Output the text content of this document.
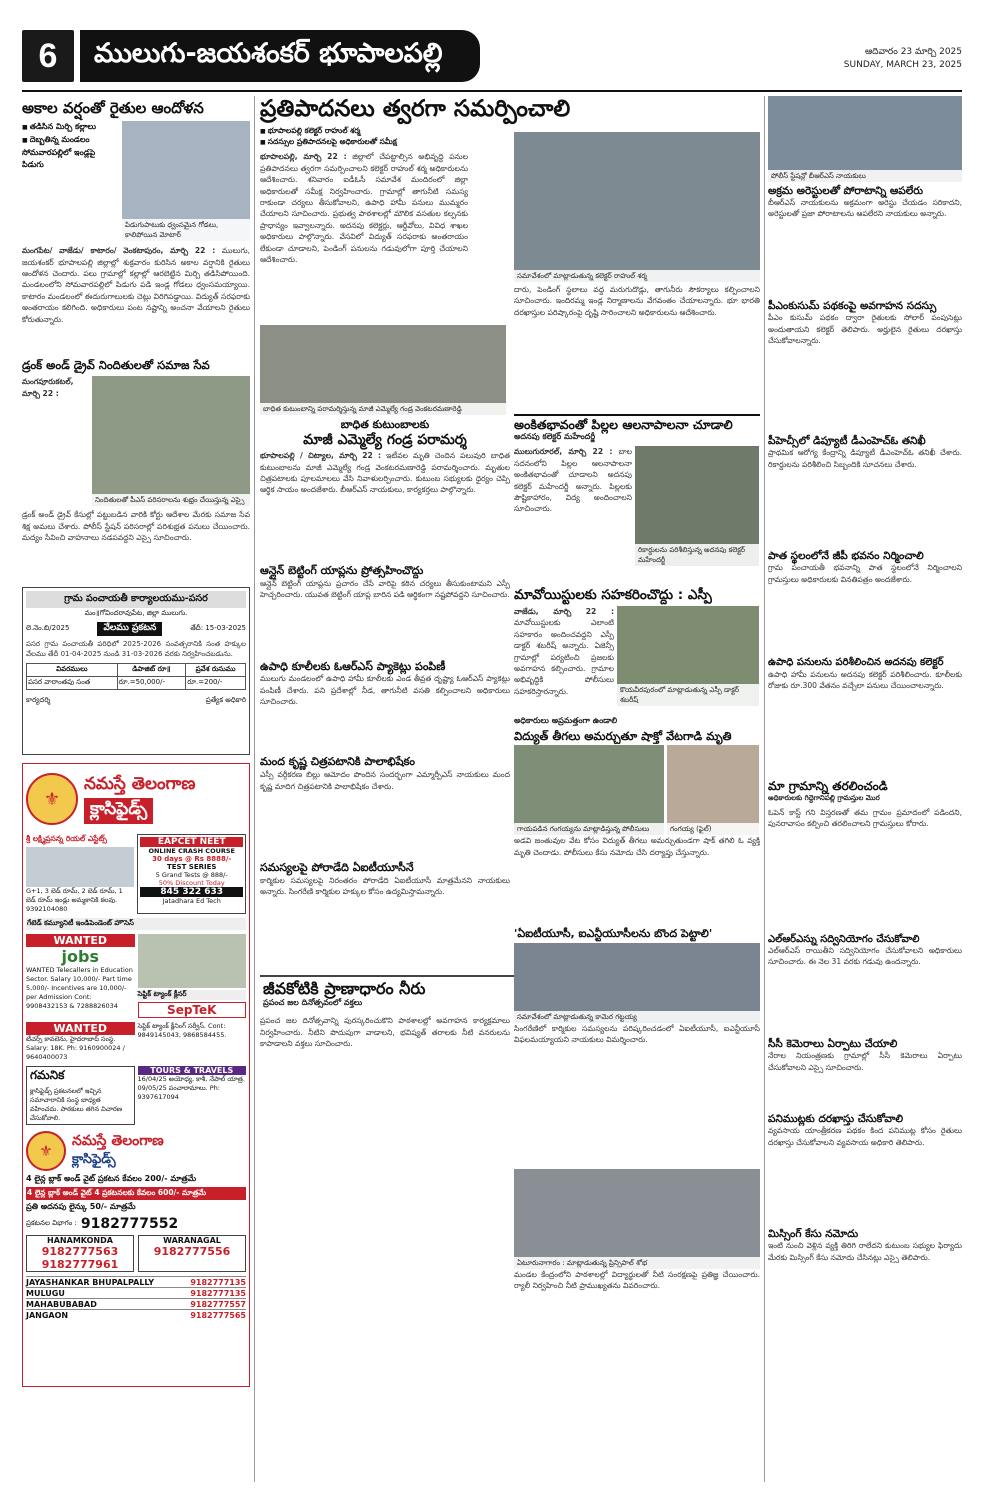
6	ములుగు-జయశంకర్ భూపాలపల్లి	ఆదివారం 23 మార్చి 2025
SUNDAY, MARCH 23, 2025
అకాల వర్షంతో రైతుల ఆందోళన
■ తడిసిన మిర్చి కల్లాలు
■ దెబ్బతిన్న మండలం
సోమవారపల్లిలో ఇండ్లపై
పిడుగు
పిడుగుపాటుకు ధ్వంసమైన గోడలు, కాలిపోయిన మోటార్
మంగపేట/ వాజేడు/ కాటారం/ వెంకటాపురం, మార్చి 22 : ములుగు, జయశంకర్ భూపాలపల్లి జిల్లాల్లో శుక్రవారం కురిసిన అకాల వర్షానికి రైతులు ఆందోళన చెందారు. పలు గ్రామాల్లో కల్లాల్లో ఆరబెట్టిన మిర్చి తడిసిపోయింది. మండలంలోని సోమవారపల్లిలో పిడుగు పడి ఇండ్ల గోడలు ధ్వంసమయ్యాయి. కాటారం మండలంలో ఈదురుగాలులకు చెట్లు విరిగిపడ్డాయి. విద్యుత్ సరఫరాకు అంతరాయం కలిగింది. అధికారులు పంట నష్టాన్ని అంచనా వేయాలని రైతులు కోరుతున్నారు.
డ్రంక్ అండ్ డ్రైవ్ నిందితులతో సమాజ సేవ
మంగపూరుకటల్, మార్చి 22 :
నిందితులతో పీఎస్ పరిసరాలను శుభ్రం చేయిస్తున్న ఎస్సై
డ్రంక్ అండ్ డ్రైవ్ కేసుల్లో పట్టుబడిన వారికి కోర్టు ఆదేశాల మేరకు సమాజ సేవ శిక్ష అమలు చేశారు. పోలీస్ స్టేషన్ పరిసరాల్లో పరిశుభ్రత పనులు చేయించారు. మద్యం సేవించి వాహనాలు నడపవద్దని ఎస్సై సూచించారు.
గ్రామ పంచాయతీ కార్యాలయము-పసర
మం॥గోవిందరావుపేట, జిల్లా ములుగు.
లె.నెం.బి/2025	వేలము ప్రకటన	తేదీ: 15-03-2025
పసర గ్రామ పంచాయతీ పరిధిలో 2025-2026 సంవత్సరానికి సంత హక్కుల వేలము తేదీ 01-04-2025 నుండి 31-03-2026 వరకు నిర్వహించబడును.
వివరములు	డిపాజిట్ రూ॥	ప్రవేశ రుసుము
పసర వారాంతపు సంత	రూ.=50,000/-	రూ.=200/-
కార్యదర్శి	ప్రత్యేక అధికారి
⚜
నమస్తే తెలంగాణ
క్లాసిఫైడ్స్
శ్రీ లక్ష్మిప్రసన్న రియల్ ఎస్టేట్స్
G+1, 3 బెడ్ రూమ్, 2 బెడ్ రూమ్, 1 బెడ్ రూమ్ ఇండ్లు అమ్మకానికి కలవు. 9392104080
EAPCET NEET
ONLINE CRASH COURSE
30 days @ Rs 8888/-
TEST SERIES
5 Grand Tests @ 888/-
50% Discount Today
845 322 633
Jatadhara Ed Tech
గేటెడ్ కమ్యూనిటీ ఇండిపెండెంట్ హౌసెస్
WANTED
jobs
WANTED Telecallers in Education Sector. Salary 10,000/- Part time 5,000/- Incentives are 10,000/- per Admission Cont: 9908432153 & 7288826034
సెప్టిక్ ట్యాంక్ క్లీనర్
SepTeK
WANTED
టీచర్స్ కావలెను, హైదరాబాద్ సంస్థ. Salary: 18K. Ph: 9160900024 / 9640400073
సెప్టిక్ ట్యాంక్ క్లీనింగ్ సర్వీస్. Cont: 9849145043, 9868584455.
గమనిక
క్లాసిఫైడ్స్ ప్రకటనలలో ఇచ్చిన సమాచారానికి సంస్థ బాధ్యత వహించదు. పాఠకులు తగిన విచారణ చేసుకోవాలి.
TOURS & TRAVELS
16/04/25 అయోధ్య, కాశీ, నేపాల్ యాత్ర. 09/05/25 పంచారామాలు. Ph: 9397617094
⚜
నమస్తే తెలంగాణ
క్లాసిఫైడ్స్
4 లైన్ల బ్లాక్ అండ్ వైట్ ప్రకటన కేవలం 200/- మాత్రమే
4 లైన్ల బ్లాక్ అండ్ వైట్ 4 ప్రకటనలకు కేవలం 600/- మాత్రమే
ప్రతి అదనపు లైన్కు 50/- మాత్రమే
ప్రకటనల విభాగం : 9182777552
HANAMKONDA
9182777563
9182777961
WARANAGAL
9182777556
JAYASHANKAR BHUPALPALLY	9182777135
MULUGU	9182777135
MAHABUBABAD	9182777557
JANGAON	9182777565
ప్రతిపాదనలు త్వరగా సమర్పించాలి
■ భూపాలపల్లి కలెక్టర్ రాహుల్ శర్మ
■ సదస్సుల ప్రతిపాదనలపై అధికారులతో సమీక్ష
భూపాలపల్లి, మార్చి 22 : జిల్లాలో చేపట్టాల్సిన అభివృద్ధి పనుల ప్రతిపాదనలు త్వరగా సమర్పించాలని కలెక్టర్ రాహుల్ శర్మ అధికారులను ఆదేశించారు. శనివారం ఐడీఓసీ సమావేశ మందిరంలో జిల్లా అధికారులతో సమీక్ష నిర్వహించారు. గ్రామాల్లో తాగునీటి సమస్య రాకుండా చర్యలు తీసుకోవాలని, ఉపాధి హామీ పనులు ముమ్మరం చేయాలని సూచించారు. ప్రభుత్వ పాఠశాలల్లో మౌలిక వసతుల కల్పనకు ప్రాధాన్యం ఇవ్వాలన్నారు. అదనపు కలెక్టర్లు, ఆర్డీవోలు, వివిధ శాఖల అధికారులు పాల్గొన్నారు. వేసవిలో విద్యుత్ సరఫరాకు అంతరాయం లేకుండా చూడాలని, పెండింగ్ పనులను గడువులోగా పూర్తి చేయాలని ఆదేశించారు.
బాధిత కుటుంబాన్ని పరామర్శిస్తున్న మాజీ ఎమ్మెల్యే గండ్ర వెంకటరమణారెడ్డి
బాధిత కుటుంబాలకు
మాజీ ఎమ్మెల్యే గండ్ర పరామర్శ
భూపాలపల్లి / చిట్యాల, మార్చి 22 : ఇటీవల మృతి చెందిన పలువురి బాధిత కుటుంబాలను మాజీ ఎమ్మెల్యే గండ్ర వెంకటరమణారెడ్డి పరామర్శించారు. మృతుల చిత్రపటాలకు పూలమాలలు వేసి నివాళులర్పించారు. కుటుంబ సభ్యులకు ధైర్యం చెప్పి ఆర్థిక సాయం అందజేశారు. బీఆర్ఎస్ నాయకులు, కార్యకర్తలు పాల్గొన్నారు.
ఆన్లైన్ బెట్టింగ్ యాప్లను ప్రోత్సహించొద్దు
ఆన్లైన్ బెట్టింగ్ యాప్లను ప్రచారం చేసే వారిపై కఠిన చర్యలు తీసుకుంటామని ఎస్పీ హెచ్చరించారు. యువత బెట్టింగ్ యాప్ల బారిన పడి ఆర్థికంగా నష్టపోవద్దని సూచించారు.
ఉపాధి కూలీలకు ఓఆర్ఎస్ ప్యాకెట్లు పంపిణీ
ములుగు మండలంలో ఉపాధి హామీ కూలీలకు ఎండ తీవ్రత దృష్ట్యా ఓఆర్ఎస్ ప్యాకెట్లు పంపిణీ చేశారు. పని ప్రదేశాల్లో నీడ, తాగునీటి వసతి కల్పించాలని అధికారులు సూచించారు.
మంద కృష్ణ చిత్రపటానికి పాలాభిషేకం
ఎస్సీ వర్గీకరణ బిల్లు ఆమోదం పొందిన సందర్భంగా ఎమ్మార్పీఎస్ నాయకులు మంద కృష్ణ మాదిగ చిత్రపటానికి పాలాభిషేకం చేశారు.
సమస్యలపై పోరాడేది ఏఐటీయూసీనే
కార్మికుల సమస్యలపై నిరంతరం పోరాడేది ఏఐటీయూసీ మాత్రమేనని నాయకులు అన్నారు. సింగరేణి కార్మికుల హక్కుల కోసం ఉద్యమిస్తామన్నారు.
జీవకోటికి ప్రాణాధారం నీరు
ప్రపంచ జల దినోత్సవంలో వక్తలు
ప్రపంచ జల దినోత్సవాన్ని పురస్కరించుకొని పాఠశాలల్లో అవగాహన కార్యక్రమాలు నిర్వహించారు. నీటిని పొదుపుగా వాడాలని, భవిష్యత్ తరాలకు నీటి వనరులను కాపాడాలని వక్తలు సూచించారు.
సమావేశంలో మాట్లాడుతున్న కలెక్టర్ రాహుల్ శర్మ
దారు, పెండింగ్ స్థలాలు వద్ద మరుగుదొడ్లు, తాగునీరు సౌకర్యాలు కల్పించాలని సూచించారు. ఇందిరమ్మ ఇండ్ల నిర్మాణాలను వేగవంతం చేయాలన్నారు. భూ భారతి దరఖాస్తుల పరిష్కారంపై దృష్టి సారించాలని అధికారులను ఆదేశించారు.
అంకితభావంతో పిల్లల ఆలనాపాలనా చూడాలి
అదనపు కలెక్టర్ మహేందర్జీ
ములుగురూరల్, మార్చి 22 : బాల సదనంలోని పిల్లల ఆలనాపాలనా అంకితభావంతో చూడాలని అదనపు కలెక్టర్ మహేందర్జీ అన్నారు. పిల్లలకు పౌష్టికాహారం, విద్య అందించాలని సూచించారు.
రికార్డులను పరిశీలిస్తున్న అదనపు కలెక్టర్ మహేందర్జీ
మావోయిస్టులకు సహకరించొద్దు : ఎస్పీ
వాజేడు, మార్చి 22 : మావోయిస్టులకు ఎలాంటి సహకారం అందించవద్దని ఎస్పీ డాక్టర్ శబరీష్ అన్నారు. ఏజెన్సీ గ్రామాల్లో పర్యటించి ప్రజలకు అవగాహన కల్పించారు. గ్రామాల అభివృద్ధికి పోలీసులు సహకరిస్తారన్నారు.	కొయవీరపురంలో మాట్లాడుతున్న ఎస్పీ డాక్టర్ శబరీష్
అధికారులు అప్రమత్తంగా ఉండాలి
విద్యుత్ తీగలు అమర్చుతూ షాక్తో వేటగాడి మృతి
గాయపడిన గంగయ్యను మాట్లాడిస్తున్న పోలీసులు	గంగయ్య (ఫైల్)
అడవి జంతువుల వేట కోసం విద్యుత్ తీగలు అమర్చుతుండగా షాక్ తగిలి ఓ వ్యక్తి మృతి చెందాడు. పోలీసులు కేసు నమోదు చేసి దర్యాప్తు చేస్తున్నారు.
'ఏఐటీయూసీ, ఐఎన్టీయూసీలను బొంద పెట్టాలి'
సమావేశంలో మాట్లాడుతున్న కామెర గట్టయ్య
సింగరేణిలో కార్మికుల సమస్యలను పరిష్కరించడంలో ఏఐటీయూసీ, ఐఎన్టీయూసీ విఫలమయ్యాయని నాయకులు విమర్శించారు.
ఏటూరునాగారం : మాట్లాడుతున్న ప్రిన్సిపాల్ శోభ
మండల కేంద్రంలోని పాఠశాలల్లో విద్యార్థులతో నీటి సంరక్షణపై ప్రతిజ్ఞ చేయించారు. ర్యాలీ నిర్వహించి నీటి ప్రాముఖ్యతను వివరించారు.
పోలీస్ స్టేషన్లో బీఆర్ఎస్ నాయకులు
అక్రమ అరెస్టులతో పోరాటాన్ని ఆపలేరు
బీఆర్ఎస్ నాయకులను అక్రమంగా అరెస్టు చేయడం సరికాదని, అరెస్టులతో ప్రజా పోరాటాలను ఆపలేరని నాయకులు అన్నారు.
పీఎంకుసుమ్ పథకంపై అవగాహన సదస్సు
పీఎం కుసుమ్ పథకం ద్వారా రైతులకు సోలార్ పంపుసెట్లు అందుతాయని కలెక్టర్ తెలిపారు. అర్హులైన రైతులు దరఖాస్తు చేసుకోవాలన్నారు.
పీహెచ్సీలో డిప్యూటీ డీఎంహెచ్ఓ తనిఖీ
ప్రాథమిక ఆరోగ్య కేంద్రాన్ని డిప్యూటీ డీఎంహెచ్ఓ తనిఖీ చేశారు. రికార్డులను పరిశీలించి సిబ్బందికి సూచనలు చేశారు.
పాత స్థలంలోనే జీపీ భవనం నిర్మించాలి
గ్రామ పంచాయతీ భవనాన్ని పాత స్థలంలోనే నిర్మించాలని గ్రామస్తులు అధికారులకు వినతిపత్రం అందజేశారు.
ఉపాధి పనులను పరిశీలించిన అదనపు కలెక్టర్
ఉపాధి హామీ పనులను అదనపు కలెక్టర్ పరిశీలించారు. కూలీలకు రోజుకు రూ.300 వేతనం వచ్చేలా పనులు చేయించాలన్నారు.
మా గ్రామాన్ని తరలించండి
అధికారులకు గిద్దెగానిపల్లి గ్రామస్తుల మొర
ఓపెన్ కాస్ట్ గని విస్తరణతో తమ గ్రామం ప్రమాదంలో పడిందని, పునరావాసం కల్పించి తరలించాలని గ్రామస్తులు కోరారు.
ఎల్ఆర్ఎస్ను సద్వినియోగం చేసుకోవాలి
ఎల్ఆర్ఎస్ రాయితీని సద్వినియోగం చేసుకోవాలని అధికారులు సూచించారు. ఈ నెల 31 వరకు గడువు ఉందన్నారు.
సీసీ కెమెరాలు ఏర్పాటు చేయాలి
నేరాల నియంత్రణకు గ్రామాల్లో సీసీ కెమెరాలు ఏర్పాటు చేసుకోవాలని ఎస్సై సూచించారు.
పనిముట్లకు దరఖాస్తు చేసుకోవాలి
వ్యవసాయ యాంత్రీకరణ పథకం కింద పనిముట్ల కోసం రైతులు దరఖాస్తు చేసుకోవాలని వ్యవసాయ అధికారి తెలిపారు.
మిస్సింగ్ కేసు నమోదు
ఇంటి నుంచి వెళ్లిన వ్యక్తి తిరిగి రాలేదని కుటుంబ సభ్యుల ఫిర్యాదు మేరకు మిస్సింగ్ కేసు నమోదు చేసినట్లు ఎస్సై తెలిపారు.
